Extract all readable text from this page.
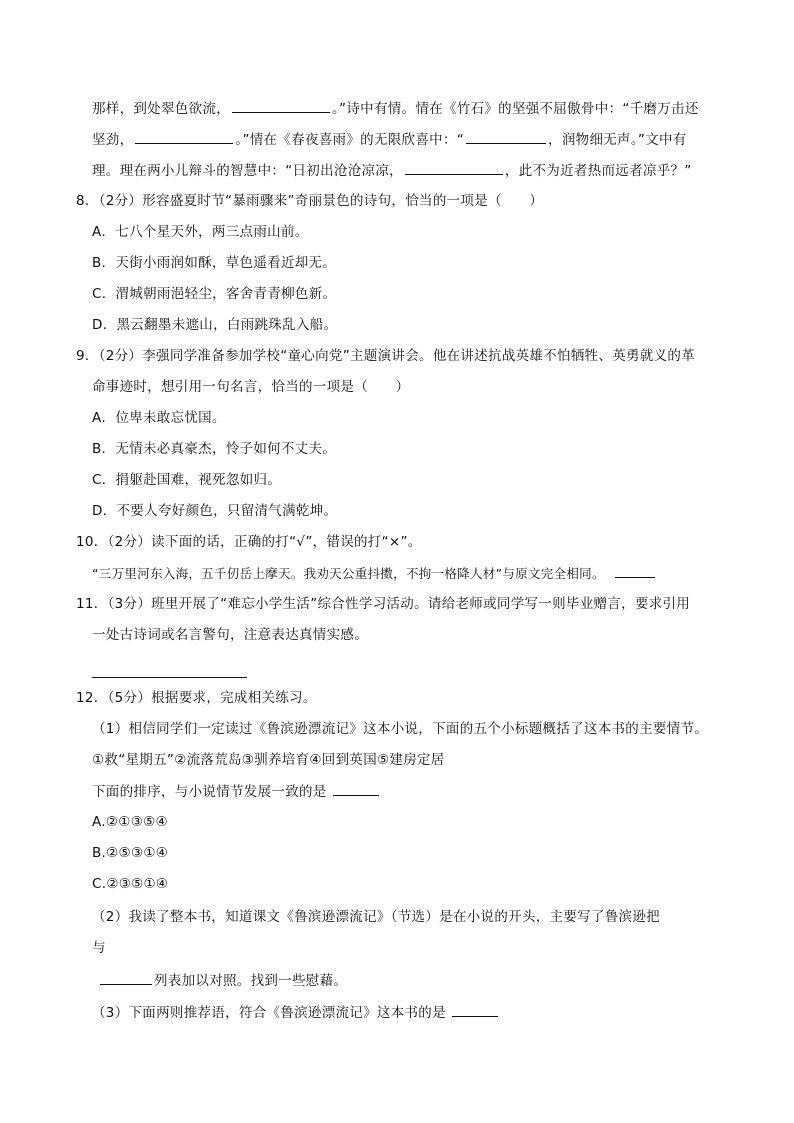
那样，到处翠色欲流，	。”诗中有情。情在《竹石》的坚强不屈傲骨中：“千磨万击还
坚劲，	。”情在《春夜喜雨》的无限欣喜中：“	，润物细无声。”文中有
理。理在两小儿辩斗的智慧中：“日初出沧沧凉凉，	，此不为近者热而远者凉乎？”
8．（2分）形容盛夏时节“暴雨骤来”奇丽景色的诗句，恰当的一项是（　　）
A．七八个星天外，两三点雨山前。
B．天街小雨润如酥，草色遥看近却无。
C．渭城朝雨浥轻尘，客舍青青柳色新。
D．黑云翻墨未遮山，白雨跳珠乱入船。
9．（2分）李强同学准备参加学校“童心向党”主题演讲会。他在讲述抗战英雄不怕牺牲、英勇就义的革
命事迹时，想引用一句名言，恰当的一项是（　　）
A．位卑未敢忘忧国。
B．无情未必真豪杰，怜子如何不丈夫。
C．捐躯赴国难，视死忽如归。
D．不要人夸好颜色，只留清气满乾坤。
10．（2分）读下面的话，正确的打“√”，错误的打“×”。
“三万里河东入海，五千仞岳上摩天。我劝天公重抖擞，不拘一格降人材”与原文完全相同。
11．（3分）班里开展了“难忘小学生活”综合性学习活动。请给老师或同学写一则毕业赠言，要求引用
一处古诗词或名言警句，注意表达真情实感。
12．（5分）根据要求，完成相关练习。
（1）相信同学们一定读过《鲁滨逊漂流记》这本小说，下面的五个小标题概括了这本书的主要情节。
①救“星期五”②流落荒岛③驯养培育④回到英国⑤建房定居
下面的排序，与小说情节发展一致的是
A.②①③⑤④
B.②⑤③①④
C.②③⑤①④
（2）我读了整本书，知道课文《鲁滨逊漂流记》（节选）是在小说的开头，主要写了鲁滨逊把
与
列表加以对照。找到一些慰藉。
（3）下面两则推荐语，符合《鲁滨逊漂流记》这本书的是
